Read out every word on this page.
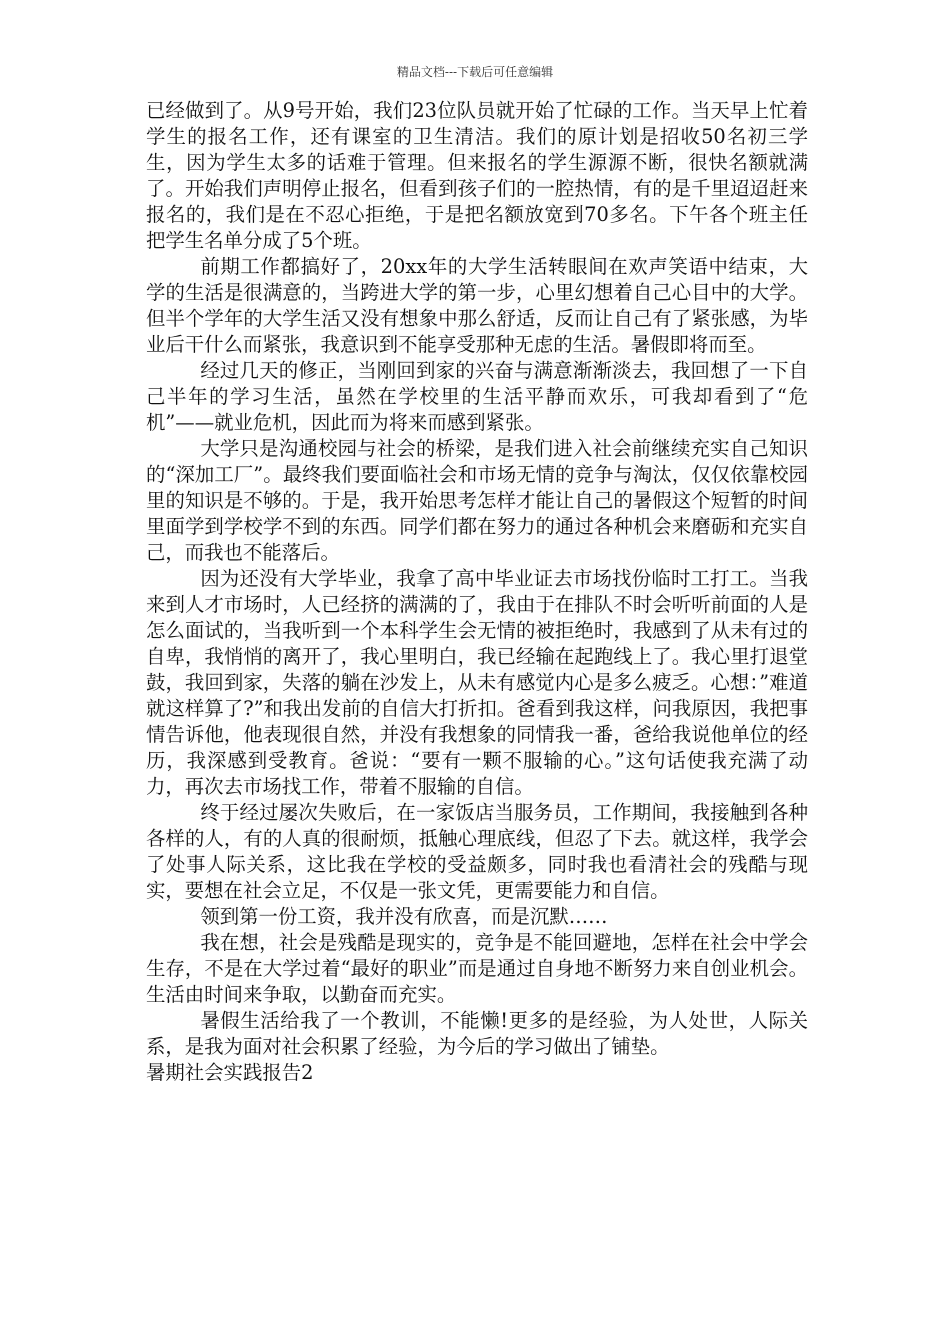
精品文档---下载后可任意编辑

已经做到了。从9号开始，我们23位队员就开始了忙碌的工作。当天早上忙着学生的报名工作，还有课室的卫生清洁。我们的原计划是招收50名初三学生，因为学生太多的话难于管理。但来报名的学生源源不断，很快名额就满了。开始我们声明停止报名，但看到孩子们的一腔热情，有的是千里迢迢赶来报名的，我们是在不忍心拒绝，于是把名额放宽到70多名。下午各个班主任把学生名单分成了5个班。

前期工作都搞好了，20xx年的大学生活转眼间在欢声笑语中结束，大学的生活是很满意的，当跨进大学的第一步，心里幻想着自己心目中的大学。但半个学年的大学生活又没有想象中那么舒适，反而让自己有了紧张感，为毕业后干什么而紧张，我意识到不能享受那种无虑的生活。暑假即将而至。

经过几天的修正，当刚回到家的兴奋与满意渐渐淡去，我回想了一下自己半年的学习生活，虽然在学校里的生活平静而欢乐，可我却看到了“危机”——就业危机，因此而为将来而感到紧张。

大学只是沟通校园与社会的桥梁，是我们进入社会前继续充实自己知识的“深加工厂”。最终我们要面临社会和市场无情的竞争与淘汰，仅仅依靠校园里的知识是不够的。于是，我开始思考怎样才能让自己的暑假这个短暂的时间里面学到学校学不到的东西。同学们都在努力的通过各种机会来磨砺和充实自己，而我也不能落后。

因为还没有大学毕业，我拿了高中毕业证去市场找份临时工打工。当我来到人才市场时，人已经挤的满满的了，我由于在排队不时会听听前面的人是怎么面试的，当我听到一个本科学生会无情的被拒绝时，我感到了从未有过的自卑，我悄悄的离开了，我心里明白，我已经输在起跑线上了。我心里打退堂鼓，我回到家，失落的躺在沙发上，从未有感觉内心是多么疲乏。心想：”难道就这样算了?”和我出发前的自信大打折扣。爸看到我这样，问我原因，我把事情告诉他，他表现很自然，并没有我想象的同情我一番，爸给我说他单位的经历，我深感到受教育。爸说：“要有一颗不服输的心。”这句话使我充满了动力，再次去市场找工作，带着不服输的自信。

终于经过屡次失败后，在一家饭店当服务员，工作期间，我接触到各种各样的人，有的人真的很耐烦，抵触心理底线，但忍了下去。就这样，我学会了处事人际关系，这比我在学校的受益颇多，同时我也看清社会的残酷与现实，要想在社会立足，不仅是一张文凭，更需要能力和自信。

领到第一份工资，我并没有欣喜，而是沉默……

我在想，社会是残酷是现实的，竞争是不能回避地，怎样在社会中学会生存，不是在大学过着“最好的职业”而是通过自身地不断努力来自创业机会。生活由时间来争取，以勤奋而充实。

暑假生活给我了一个教训，不能懒!更多的是经验，为人处世，人际关系，是我为面对社会积累了经验，为今后的学习做出了铺垫。

暑期社会实践报告2
